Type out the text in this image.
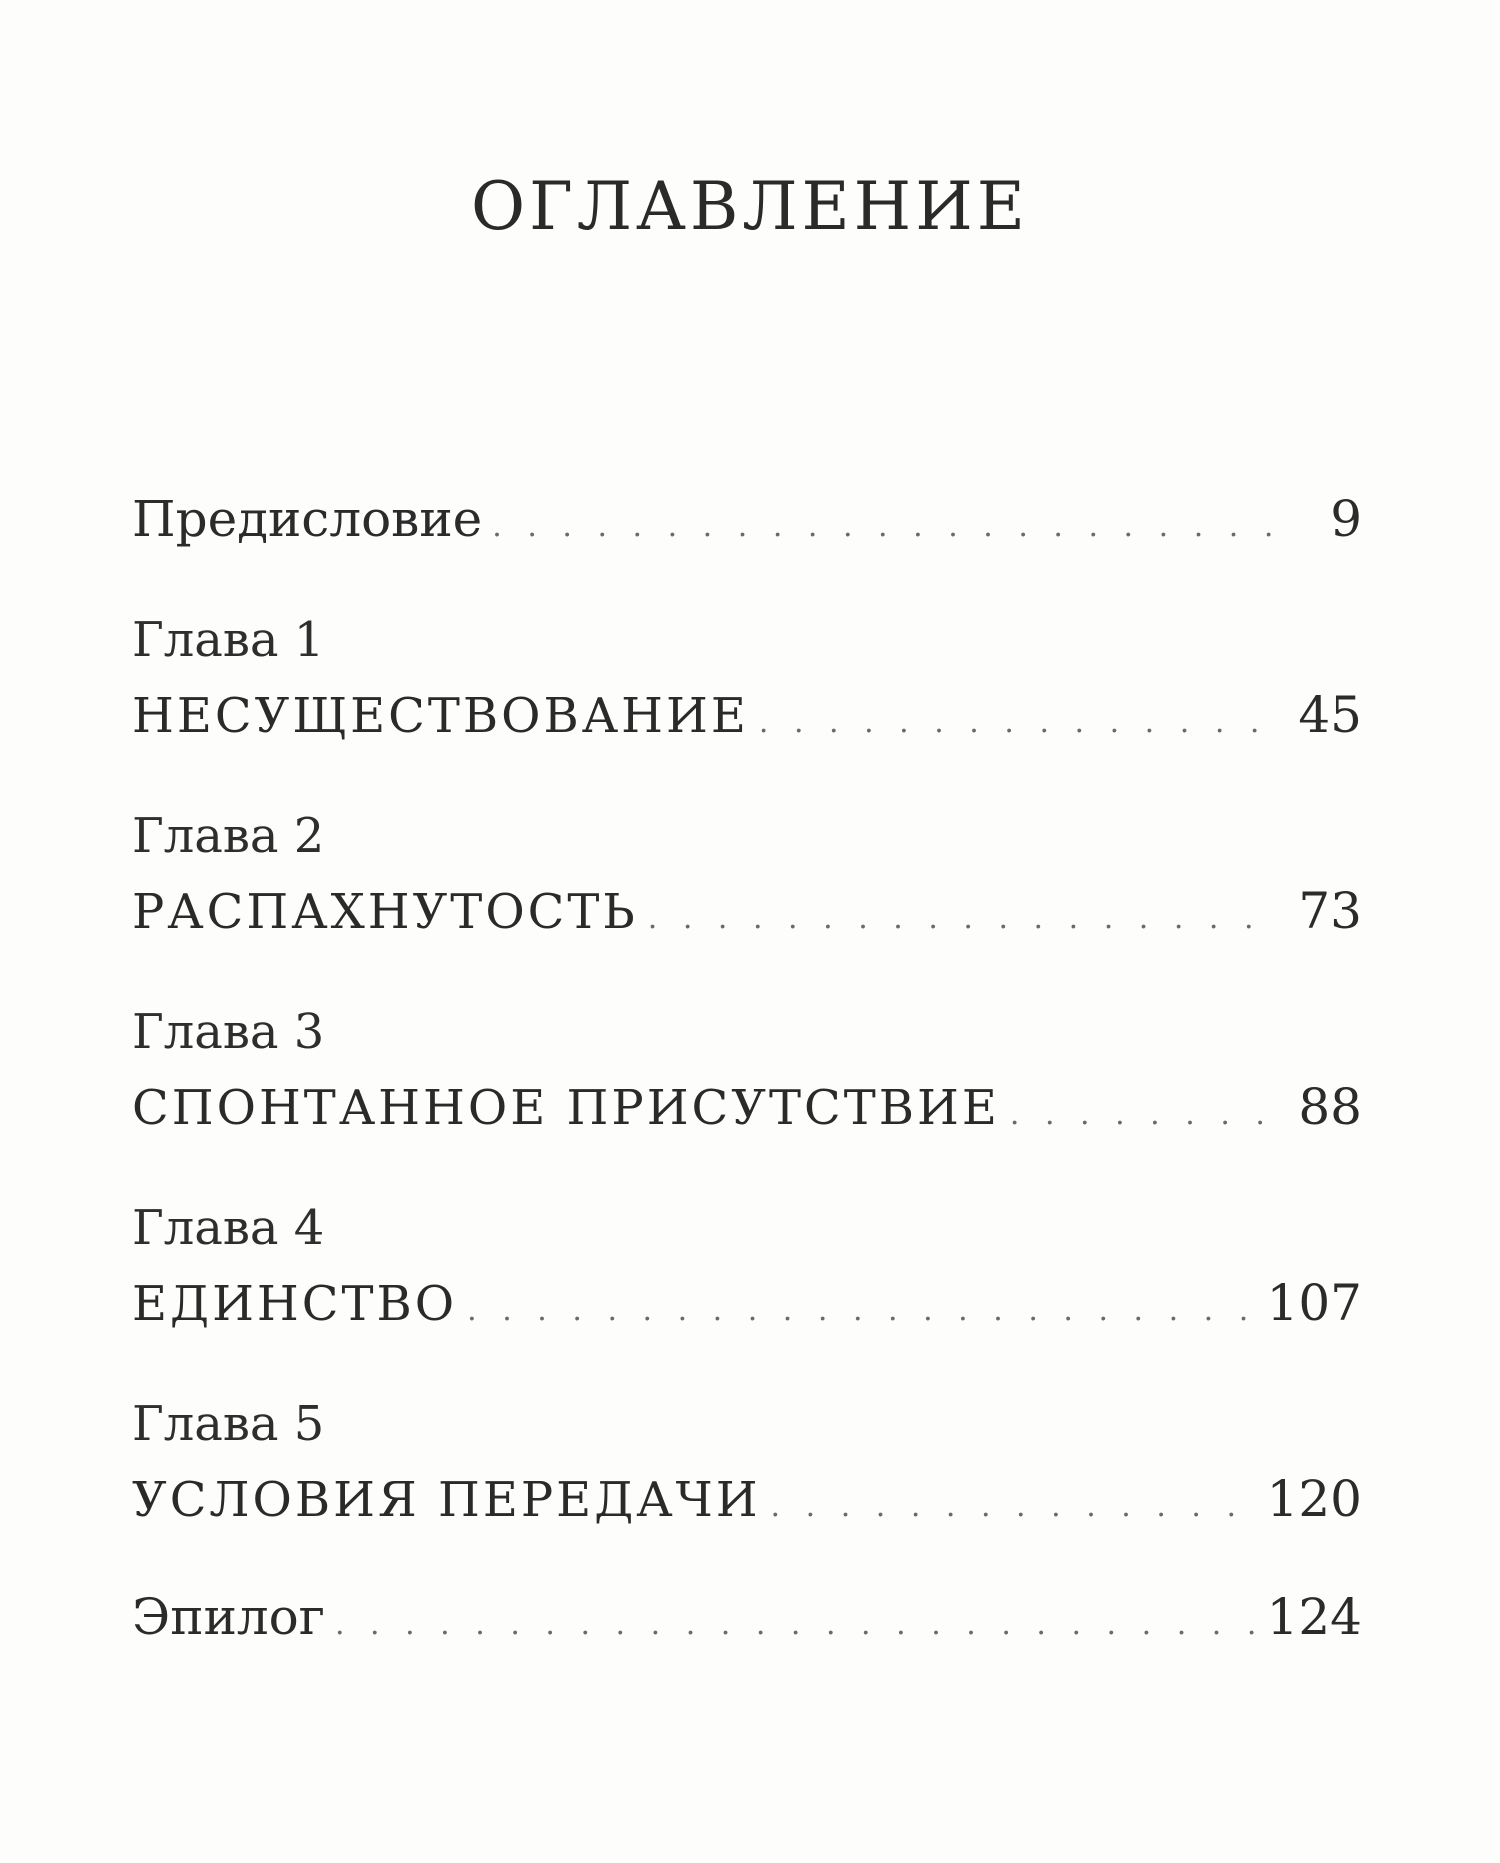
ОГЛАВЛЕНИЕ
Предисловие . . .	9
Глава 1
НЕСУЩЕСТВОВАНИЕ . . .	45
Глава 2
РАСПАХНУТОСТЬ . . .	73
Глава 3
СПОНТАННОЕ ПРИСУТСТВИЕ . . .	88
Глава 4
ЕДИНСТВО . . .	107
Глава 5
УСЛОВИЯ ПЕРЕДАЧИ . . .	120
Эпилог . . .	124
